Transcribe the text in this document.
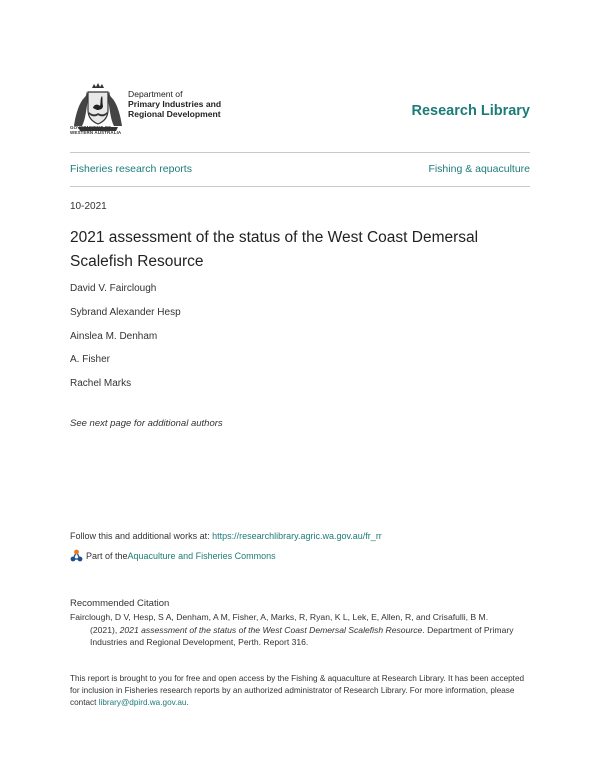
Department of
Primary Industries and
Regional Development
GOVERNMENT OF
WESTERN AUSTRALIA
Research Library
Fisheries research reports	Fishing & aquaculture
10-2021
2021 assessment of the status of the West Coast Demersal Scalefish Resource
David V. Fairclough
Sybrand Alexander Hesp
Ainslea M. Denham
A. Fisher
Rachel Marks
See next page for additional authors
Follow this and additional works at: https://researchlibrary.agric.wa.gov.au/fr_rr
Part of the Aquaculture and Fisheries Commons
Recommended Citation
Fairclough, D V, Hesp, S A, Denham, A M, Fisher, A, Marks, R, Ryan, K L, Lek, E, Allen, R, and Crisafulli, B M.
(2021), 2021 assessment of the status of the West Coast Demersal Scalefish Resource. Department of Primary Industries and Regional Development, Perth. Report 316.
This report is brought to you for free and open access by the Fishing & aquaculture at Research Library. It has been accepted for inclusion in Fisheries research reports by an authorized administrator of Research Library. For more information, please contact library@dpird.wa.gov.au.
